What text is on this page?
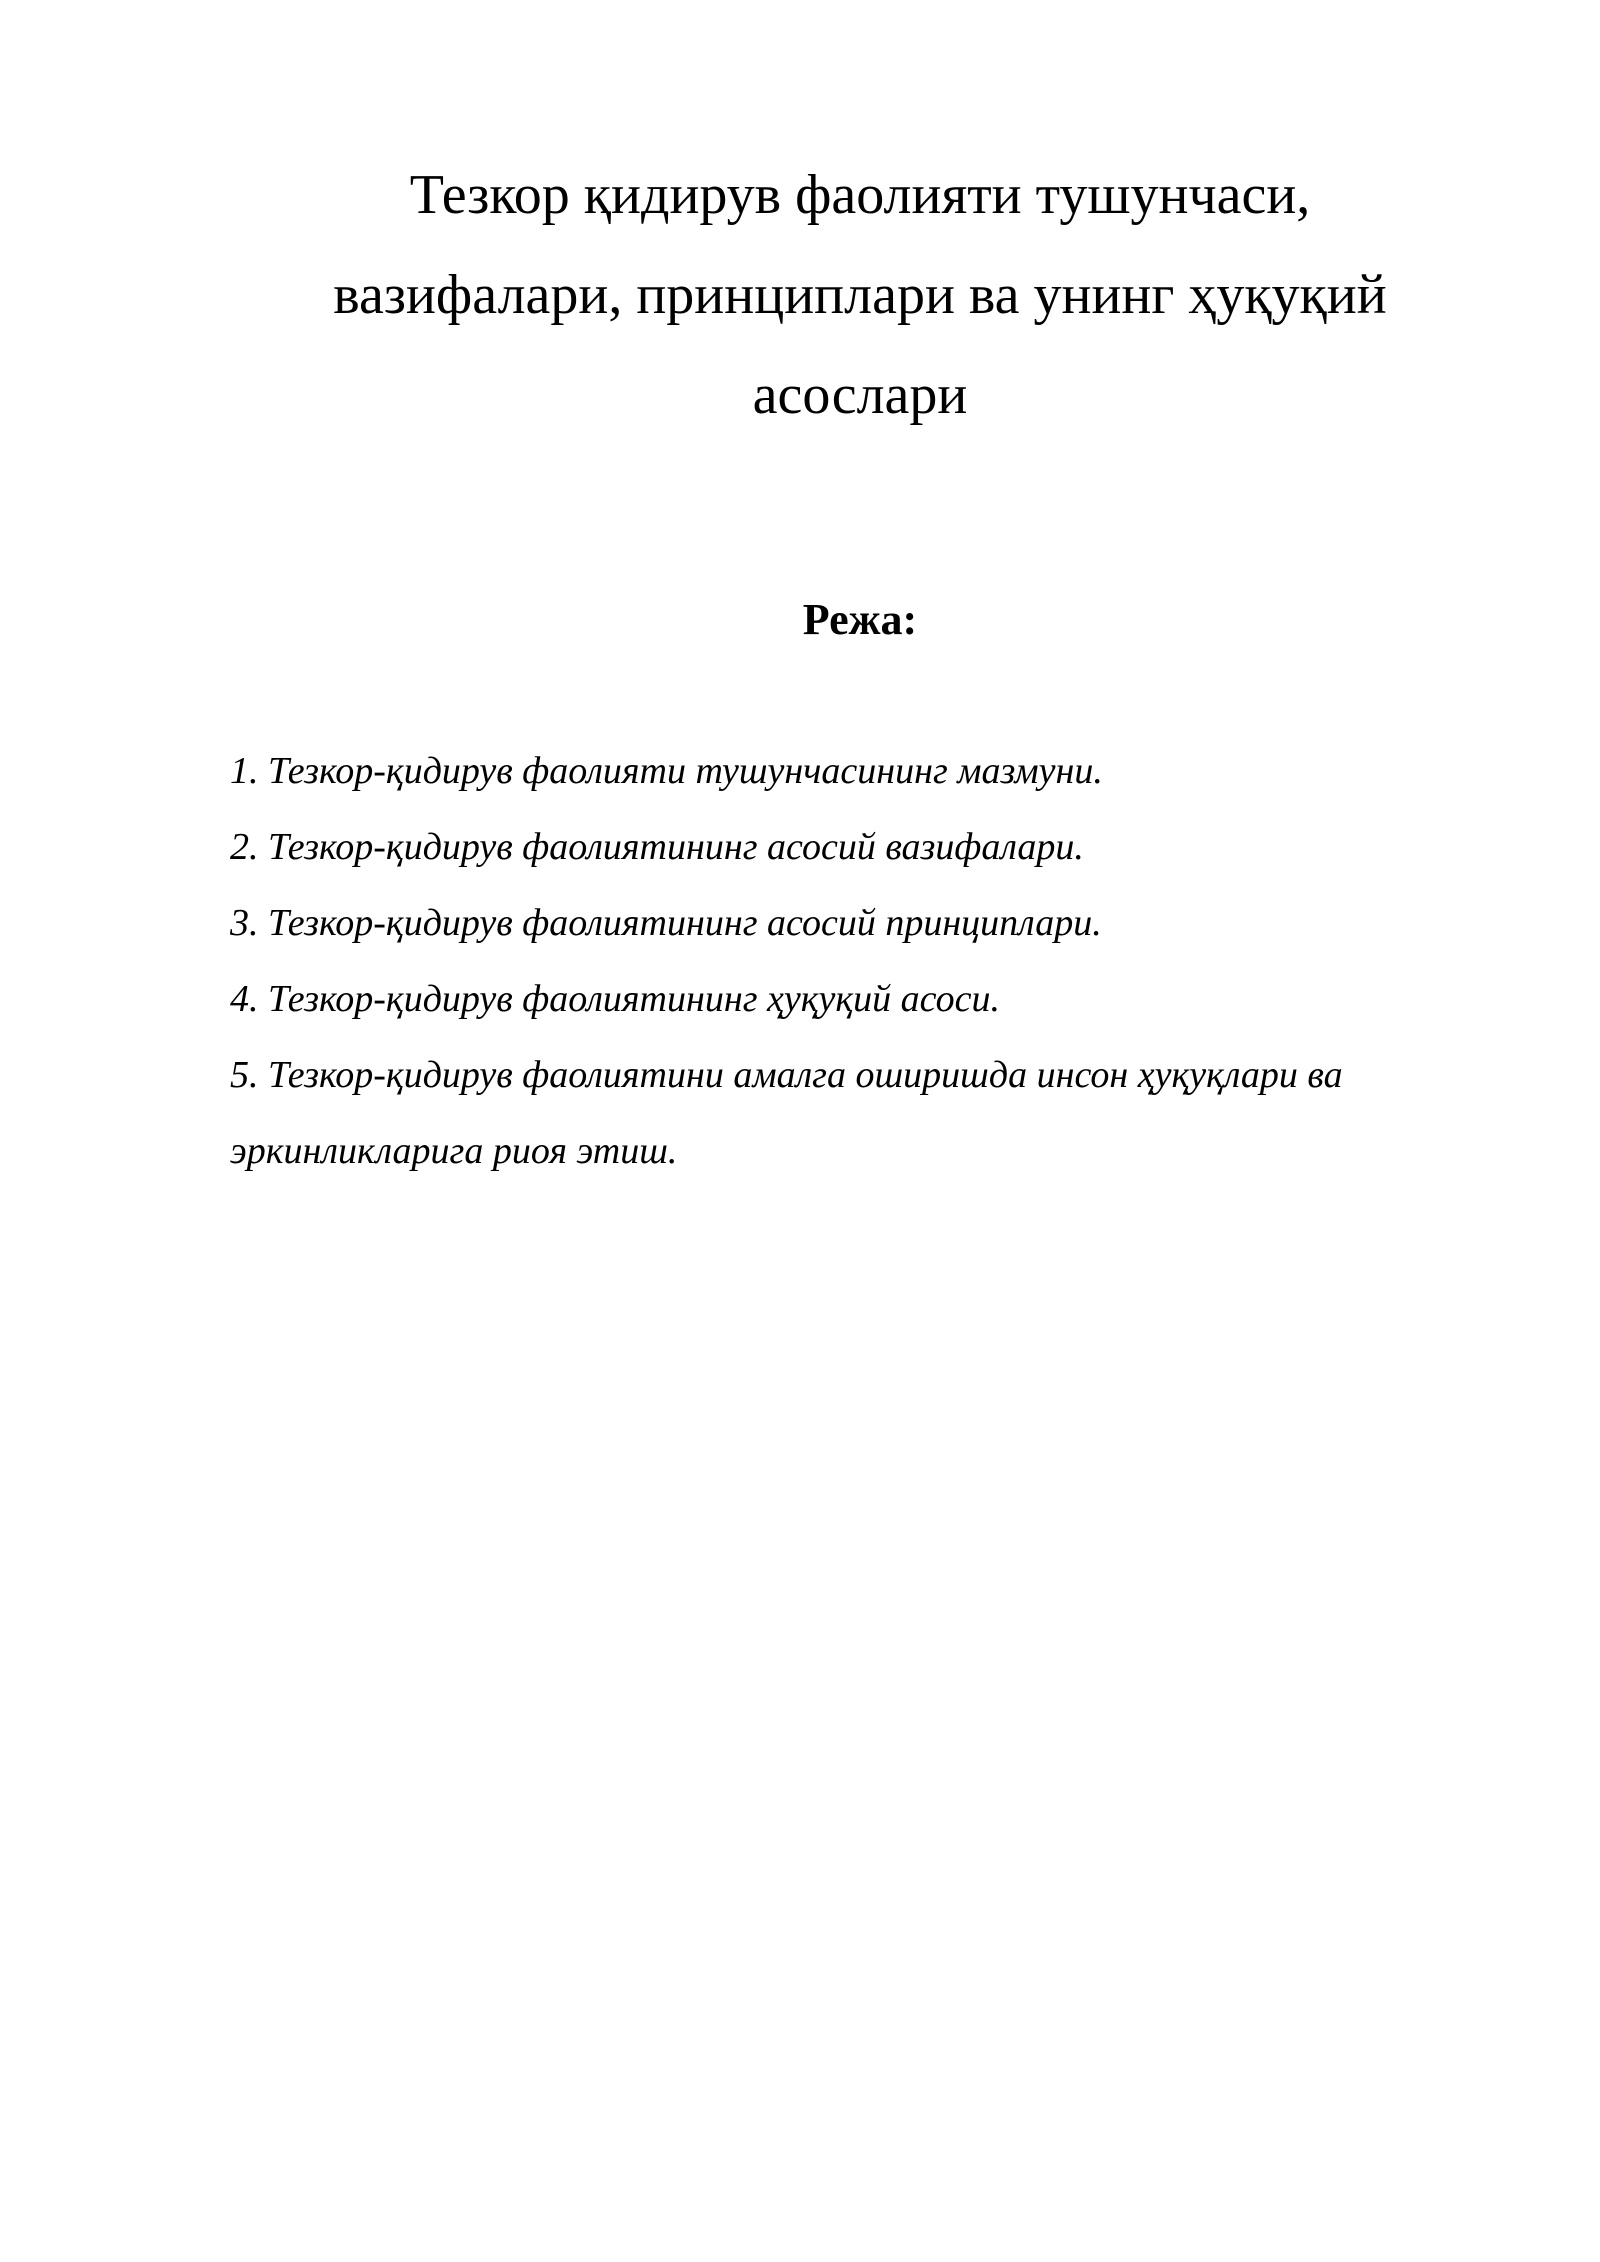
Тезкор қидирув фаолияти тушунчаси,
вазифалари, принциплари ва унинг ҳуқуқий
асослари
Режа:
1. Тезкор-қидирув фаолияти тушунчасининг мазмуни.
2. Тезкор-қидирув фаолиятининг асосий вазифалари.
3. Тезкор-қидирув фаолиятининг асосий принциплари.
4. Тезкор-қидирув фаолиятининг ҳуқуқий асоси.
5. Тезкор-қидирув фаолиятини амалга оширишда инсон ҳуқуқлари ва эркинликларига риоя этиш.
